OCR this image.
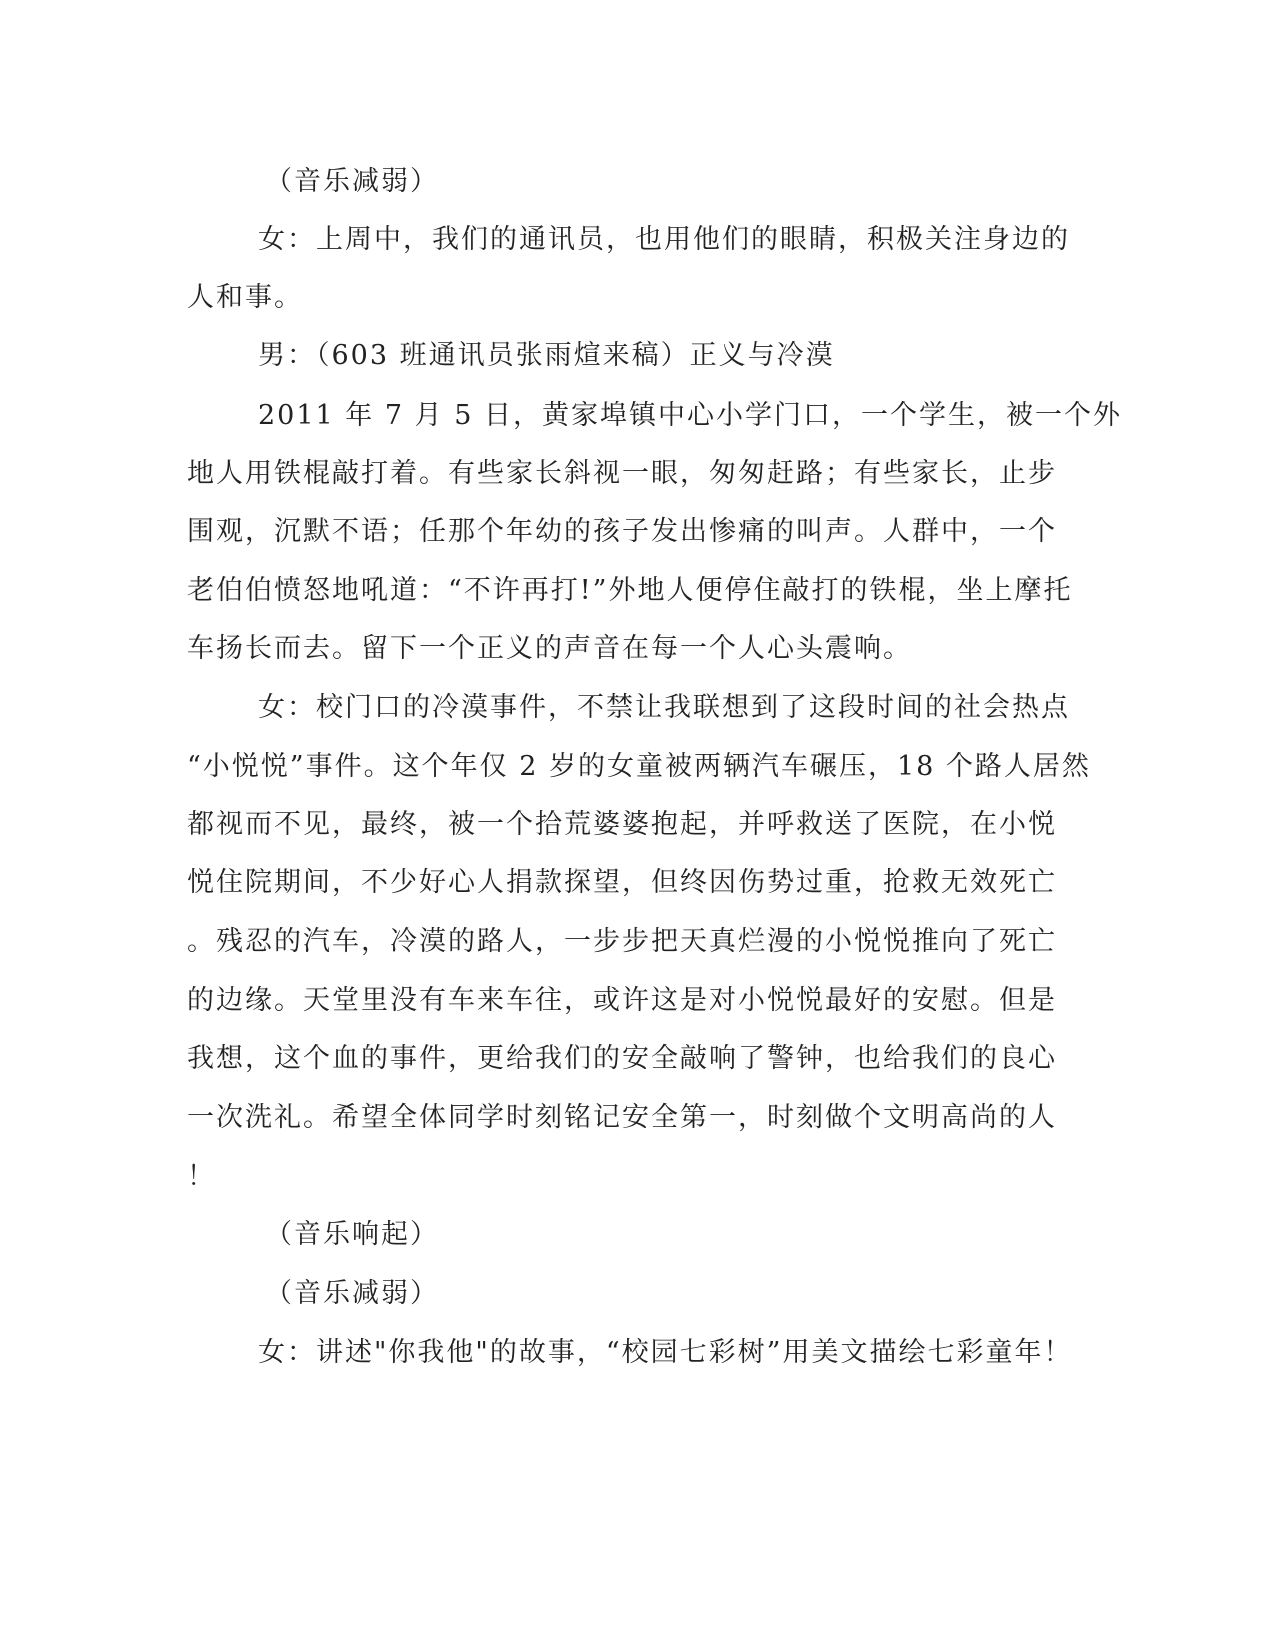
（音乐减弱）
女：上周中，我们的通讯员，也用他们的眼睛，积极关注身边的
人和事。
男：（603 班通讯员张雨煊来稿）正义与冷漠
2011 年 7 月 5 日，黄家埠镇中心小学门口，一个学生，被一个外
地人用铁棍敲打着。有些家长斜视一眼，匆匆赶路；有些家长，止步
围观，沉默不语；任那个年幼的孩子发出惨痛的叫声。人群中，一个
老伯伯愤怒地吼道：“不许再打!”外地人便停住敲打的铁棍，坐上摩托
车扬长而去。留下一个正义的声音在每一个人心头震响。
女：校门口的冷漠事件，不禁让我联想到了这段时间的社会热点
“小悦悦”事件。这个年仅 2 岁的女童被两辆汽车碾压，18 个路人居然
都视而不见，最终，被一个拾荒婆婆抱起，并呼救送了医院，在小悦
悦住院期间，不少好心人捐款探望，但终因伤势过重，抢救无效死亡
。残忍的汽车，冷漠的路人，一步步把天真烂漫的小悦悦推向了死亡
的边缘。天堂里没有车来车往，或许这是对小悦悦最好的安慰。但是
我想，这个血的事件，更给我们的安全敲响了警钟，也给我们的良心
一次洗礼。希望全体同学时刻铭记安全第一，时刻做个文明高尚的人
！
（音乐响起）
（音乐减弱）
女：讲述"你我他"的故事，“校园七彩树”用美文描绘七彩童年！
